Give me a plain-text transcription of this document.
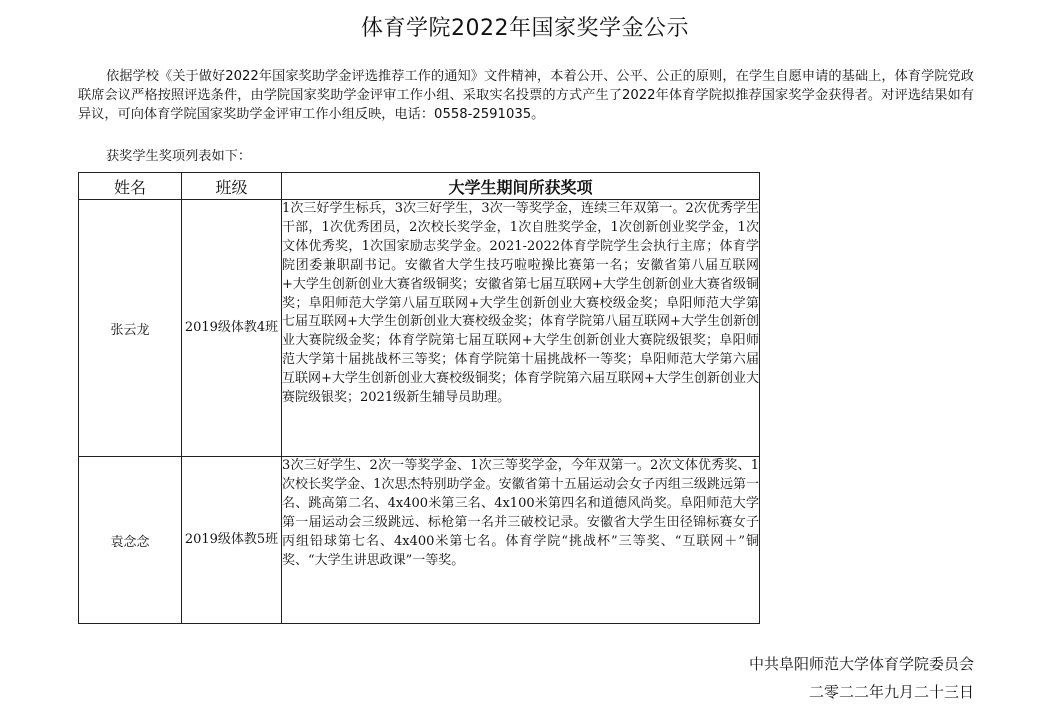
体育学院2022年国家奖学金公示

依据学校《关于做好2022年国家奖助学金评选推荐工作的通知》文件精神，本着公开、公平、公正的原则，在学生自愿申请的基础上，体育学院党政联席会议严格按照评选条件，由学院国家奖助学金评审工作小组、采取实名投票的方式产生了2022年体育学院拟推荐国家奖学金获得者。对评选结果如有异议，可向体育学院国家奖助学金评审工作小组反映，电话：0558-2591035。

获奖学生奖项列表如下：
姓名	班级	大学生期间所获奖项
张云龙	2019级体教4班	1次三好学生标兵，3次三好学生，3次一等奖学金，连续三年双第一。2次优秀学生干部，1次优秀团员，2次校长奖学金，1次自胜奖学金，1次创新创业奖学金，1次文体优秀奖，1次国家励志奖学金。2021-2022体育学院学生会执行主席；体育学院团委兼职副书记。安徽省大学生技巧啦啦操比赛第一名；安徽省第八届互联网+大学生创新创业大赛省级铜奖；安徽省第七届互联网+大学生创新创业大赛省级铜奖；阜阳师范大学第八届互联网+大学生创新创业大赛校级金奖；阜阳师范大学第七届互联网+大学生创新创业大赛校级金奖；体育学院第八届互联网+大学生创新创业大赛院级金奖；体育学院第七届互联网+大学生创新创业大赛院级银奖；阜阳师范大学第十届挑战杯三等奖；体育学院第十届挑战杯一等奖；阜阳师范大学第六届互联网+大学生创新创业大赛校级铜奖；体育学院第六届互联网+大学生创新创业大赛院级银奖；2021级新生辅导员助理。
袁念念	2019级体教5班	3次三好学生、2次一等奖学金、1次三等奖学金，今年双第一。2次文体优秀奖、1次校长奖学金、1次思杰特别助学金。安徽省第十五届运动会女子丙组三级跳远第一名、跳高第二名、4x400米第三名、4x100米第四名和道德风尚奖。阜阳师范大学第一届运动会三级跳远、标枪第一名并三破校记录。安徽省大学生田径锦标赛女子丙组铅球第七名、4x400米第七名。体育学院“挑战杯”三等奖、“互联网＋”铜奖、“大学生讲思政课”一等奖。
中共阜阳师范大学体育学院委员会
二零二二年九月二十三日
